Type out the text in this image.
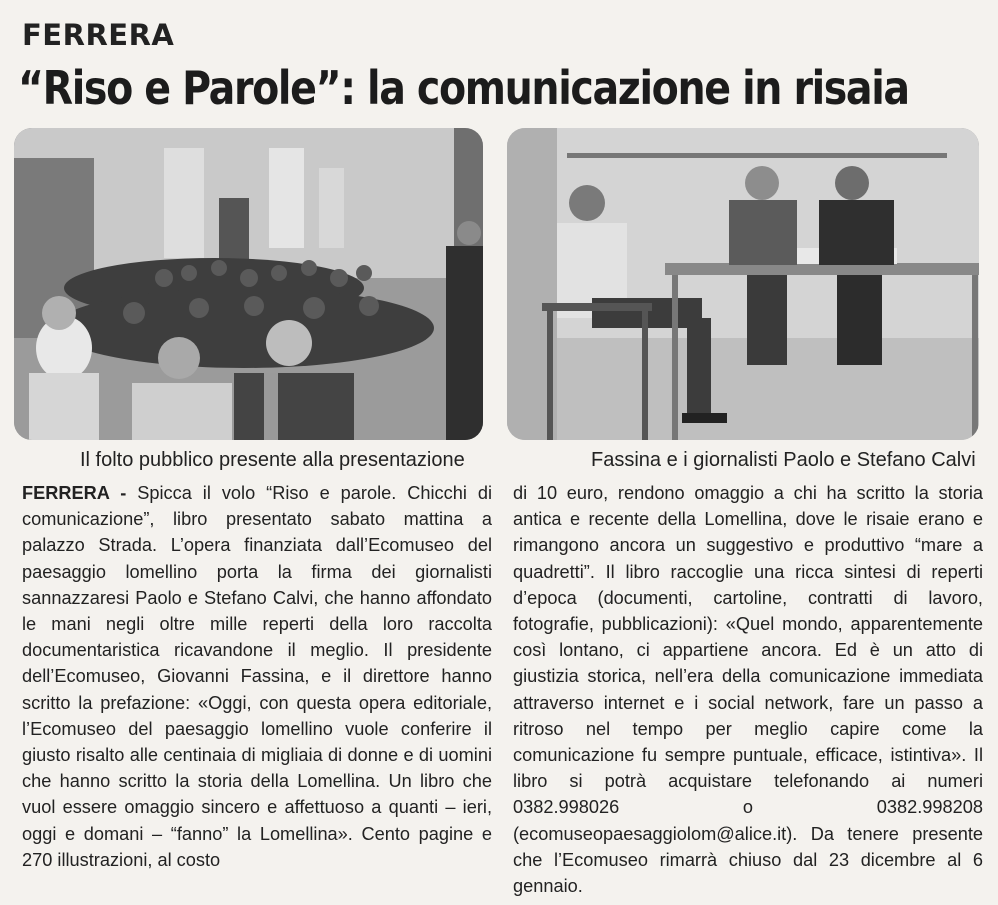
FERRERA
“Riso e Parole”: la comunicazione in risaia
Il folto pubblico presente alla presentazione	Fassina e i giornalisti Paolo e Stefano Calvi

FERRERA - Spicca il volo “Riso e parole. Chicchi di comunicazione”, libro presentato sabato mattina a palazzo Strada. L’opera finanziata dall’Ecomuseo del paesaggio lomellino porta la firma dei giornalisti sannazzaresi Paolo e Stefano Calvi, che hanno affondato le mani negli oltre mille reperti della loro raccolta documentaristica ricavandone il meglio. Il presidente dell’Ecomuseo, Giovanni Fassina, e il direttore hanno scritto la prefazione: «Oggi, con questa opera editoriale, l’Ecomuseo del paesaggio lomellino vuole conferire il giusto risalto alle centinaia di migliaia di donne e di uomini che hanno scritto la storia della Lomellina. Un libro che vuol essere omaggio sincero e affettuoso a quanti – ieri, oggi e domani – “fanno” la Lomellina». Cento pagine e 270 illustrazioni, al costo

di 10 euro, rendono omaggio a chi ha scritto la storia antica e recente della Lomellina, dove le risaie erano e rimangono ancora un suggestivo e produttivo “mare a quadretti”. Il libro raccoglie una ricca sintesi di reperti d’epoca (documenti, cartoline, contratti di lavoro, fotografie, pubblicazioni): «Quel mondo, apparentemente così lontano, ci appartiene ancora. Ed è un atto di giustizia storica, nell’era della comunicazione immediata attraverso internet e i social network, fare un passo a ritroso nel tempo per meglio capire come la comunicazione fu sempre puntuale, efficace, istintiva». Il libro si potrà acquistare telefonando ai numeri 0382.998026 o 0382.998208 (ecomuseopaesaggiolom@alice.it). Da tenere presente che l’Ecomuseo rimarrà chiuso dal 23 dicembre al 6 gennaio.
